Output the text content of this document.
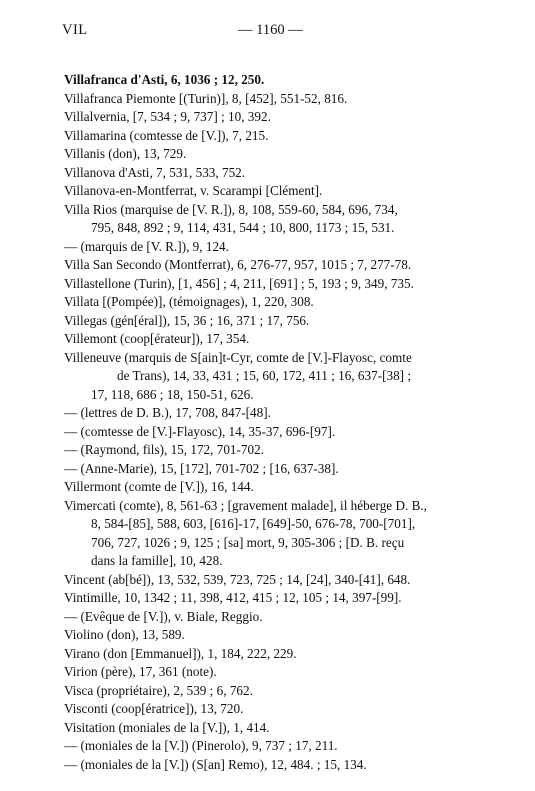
VIL	— 1160 —
Villafranca d'Asti, 6, 1036 ; 12, 250.
Villafranca Piemonte [(Turin)], 8, [452], 551-52, 816.
Villalvernia, [7, 534 ; 9, 737] ; 10, 392.
Villamarina (comtesse de [V.]), 7, 215.
Villanis (don), 13, 729.
Villanova d'Asti, 7, 531, 533, 752.
Villanova-en-Montferrat, v. Scarampi [Clément].
Villa Rios (marquise de [V. R.]), 8, 108, 559-60, 584, 696, 734,
795, 848, 892 ; 9, 114, 431, 544 ; 10, 800, 1173 ; 15, 531.
— (marquis de [V. R.]), 9, 124.
Villa San Secondo (Montferrat), 6, 276-77, 957, 1015 ; 7, 277-78.
Villastellone (Turin), [1, 456] ; 4, 211, [691] ; 5, 193 ; 9, 349, 735.
Villata [(Pompée)], (témoignages), 1, 220, 308.
Villegas (gén[éral]), 15, 36 ; 16, 371 ; 17, 756.
Villemont (coop[érateur]), 17, 354.
Villeneuve (marquis de S[ain]t-Cyr, comte de [V.]-Flayosc, comte
de Trans), 14, 33, 431 ; 15, 60, 172, 411 ; 16, 637-[38] ;
17, 118, 686 ; 18, 150-51, 626.
— (lettres de D. B.), 17, 708, 847-[48].
— (comtesse de [V.]-Flayosc), 14, 35-37, 696-[97].
— (Raymond, fils), 15, 172, 701-702.
— (Anne-Marie), 15, [172], 701-702 ; [16, 637-38].
Villermont (comte de [V.]), 16, 144.
Vimercati (comte), 8, 561-63 ; [gravement malade], il héberge D. B.,
8, 584-[85], 588, 603, [616]-17, [649]-50, 676-78, 700-[701],
706, 727, 1026 ; 9, 125 ; [sa] mort, 9, 305-306 ; [D. B. reçu
dans la famille], 10, 428.
Vincent (ab[bé]), 13, 532, 539, 723, 725 ; 14, [24], 340-[41], 648.
Vintimille, 10, 1342 ; 11, 398, 412, 415 ; 12, 105 ; 14, 397-[99].
— (Evêque de [V.]), v. Biale, Reggio.
Violino (don), 13, 589.
Virano (don [Emmanuel]), 1, 184, 222, 229.
Virion (père), 17, 361 (note).
Visca (propriétaire), 2, 539 ; 6, 762.
Visconti (coop[ératrice]), 13, 720.
Visitation (moniales de la [V.]), 1, 414.
— (moniales de la [V.]) (Pinerolo), 9, 737 ; 17, 211.
— (moniales de la [V.]) (S[an] Remo), 12, 484. ; 15, 134.
